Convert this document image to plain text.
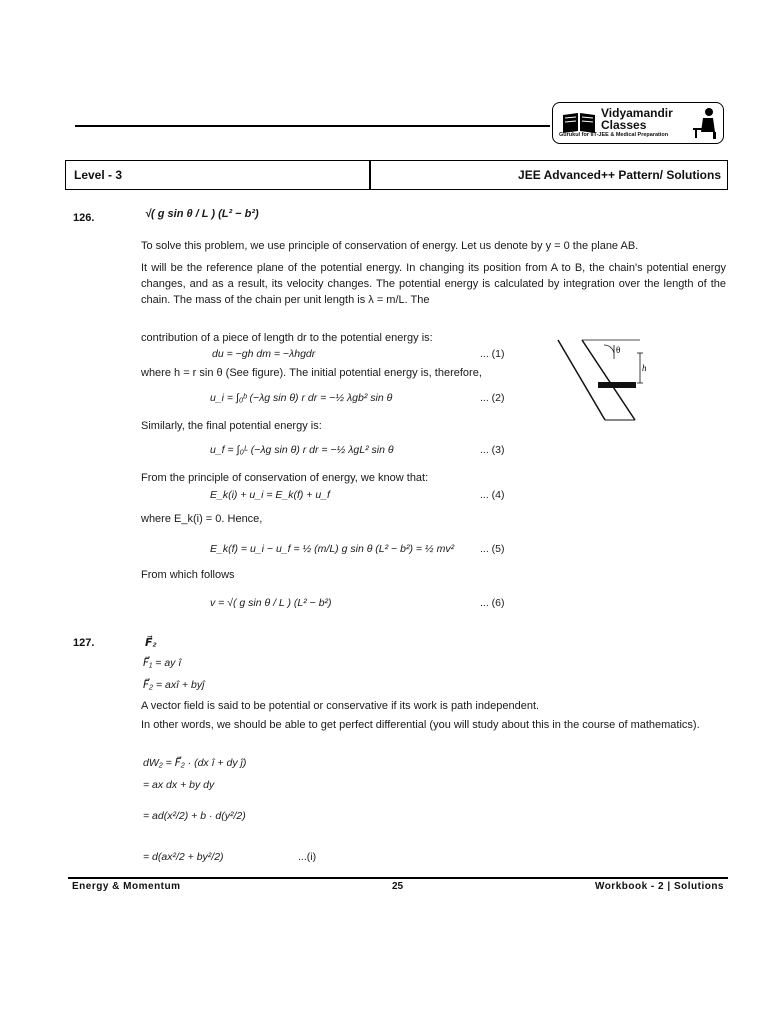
Vidyamandir
Classes
Gurukul for IIT-JEE & Medical Preparation
Level - 3	JEE Advanced++ Pattern/ Solutions
126.	√( g sin θ / L ) (L² − b²)
To solve this problem, we use principle of conservation of energy. Let us denote by y = 0 the plane AB.
It will be the reference plane of the potential energy. In changing its position from A to B, the chain's potential energy changes, and as a result, its velocity changes. The potential energy is calculated by integration over the length of the chain. The mass of the chain per unit length is λ = m/L. The
contribution of a piece of length dr to the potential energy is:
du = −gh dm = −λhgdr	... (1)	θ
h
where h = r sin θ (See figure). The initial potential energy is, therefore,
u_i = ∫₀ᵇ (−λg sin θ) r dr = −½ λgb² sin θ	... (2)
Similarly, the final potential energy is:
u_f = ∫₀ᴸ (−λg sin θ) r dr = −½ λgL² sin θ	... (3)
From the principle of conservation of energy, we know that:
E_k(i) + u_i = E_k(f) + u_f	... (4)
where E_k(i) = 0. Hence,
E_k(f) = u_i − u_f = ½ (m/L) g sin θ (L² − b²) = ½ mv² ... (5)
From which follows
v = √( g sin θ / L ) (L² − b²)	... (6)
127.	F⃗₂
F⃗₁ = ay î
F⃗₂ = axî + byĵ
A vector field is said to be potential or conservative if its work is path independent.
In other words, we should be able to get perfect differential (you will study about this in the course of mathematics).
dW₂ = F⃗₂ · (dx î + dy ĵ)
= ax dx + by dy
= ad(x²/2) + b · d(y²/2)
= d(ax²/2 + by²/2)	...(i)
Energy & Momentum	25	Workbook - 2 | Solutions
